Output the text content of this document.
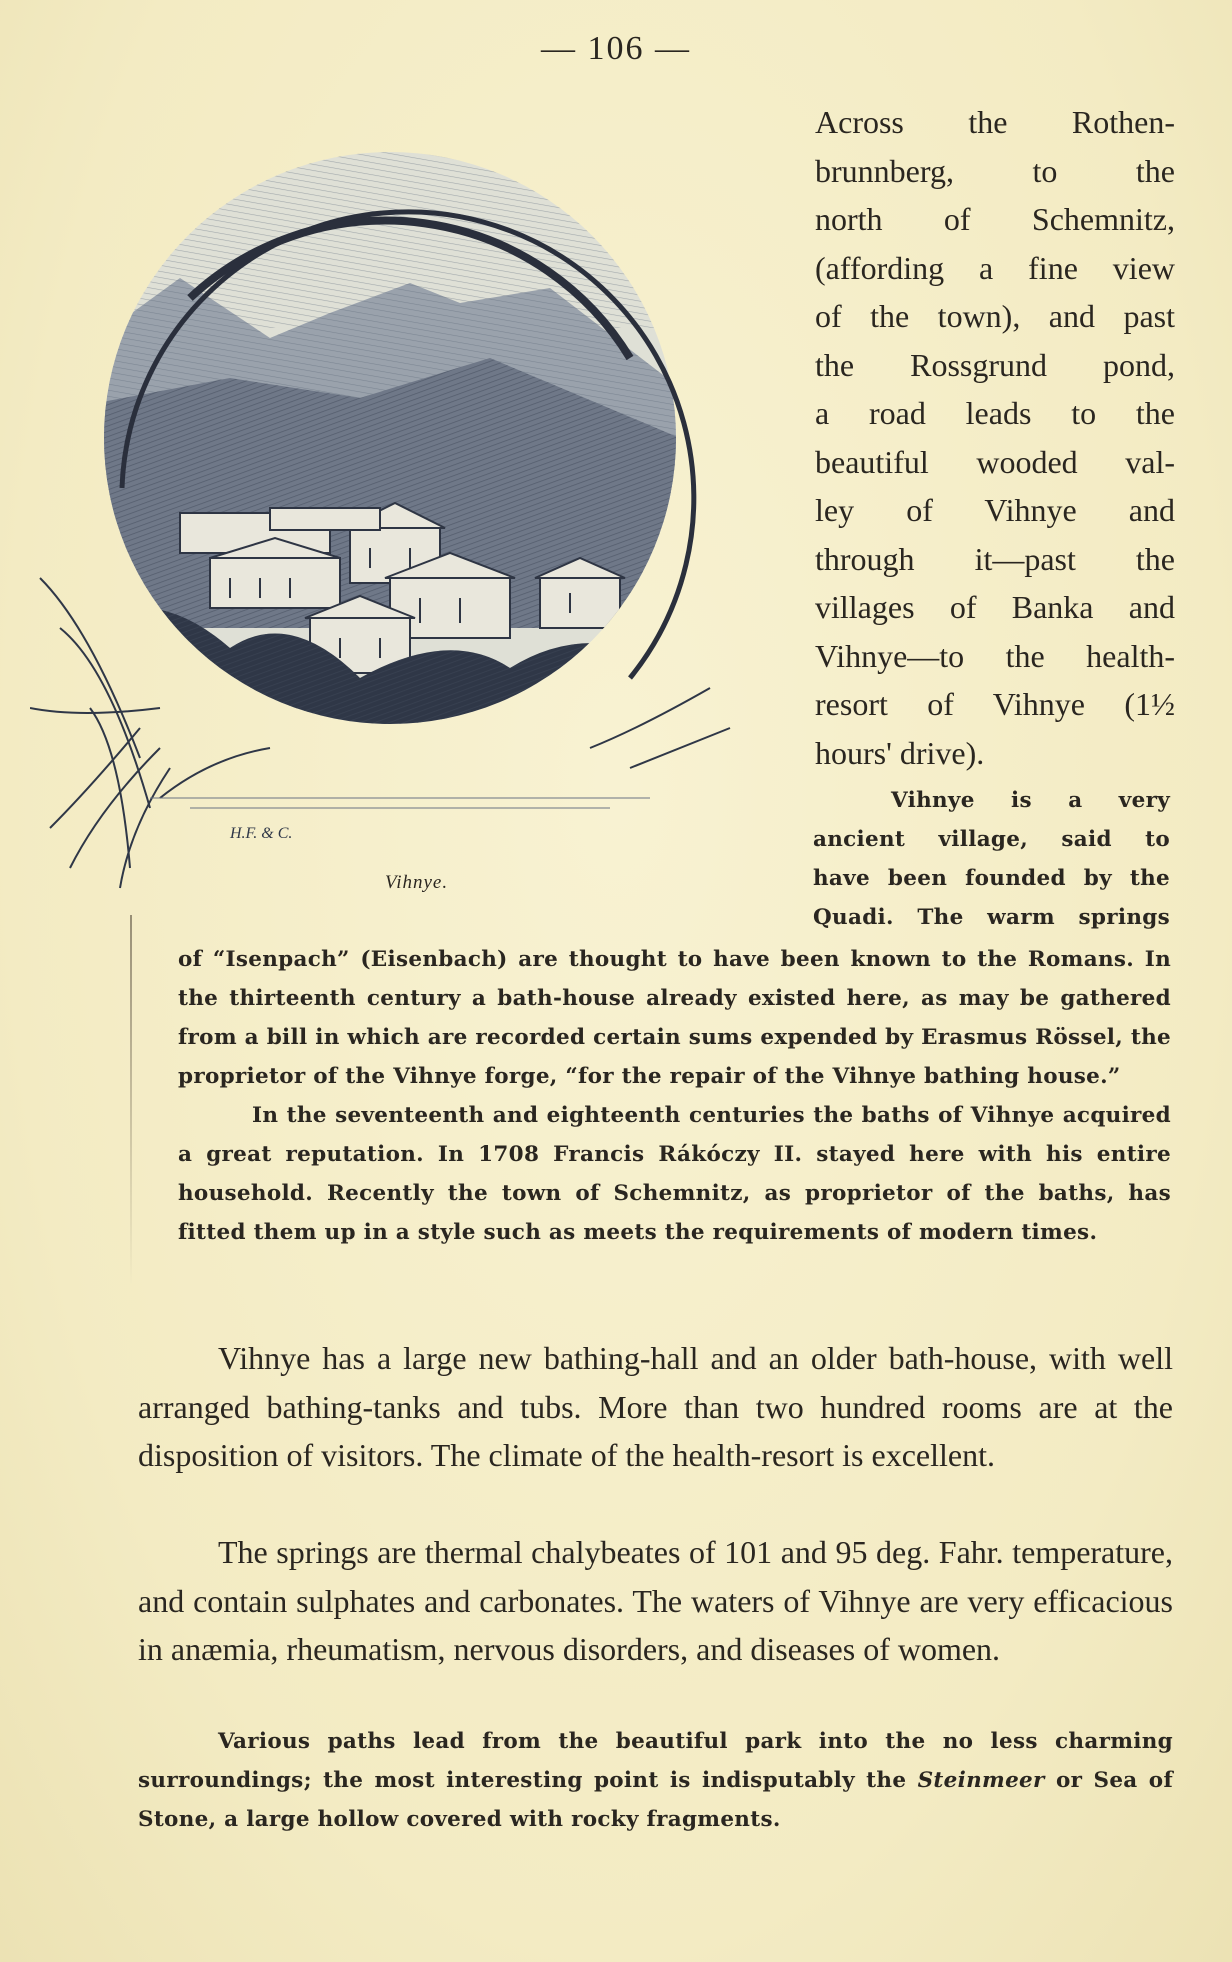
— 106 —
H.F. & C.
Vihnye.
Across the Rothen-
brunnberg, to the
north of Schemnitz,
(affording a fine view
of the town), and past
the Rossgrund pond,
a road leads to the
beautiful wooded val-
ley of Vihnye and
through it—past the
villages of Banka and
Vihnye—to the health-
resort of Vihnye (1½
hours' drive).
Vihnye is a very
ancient village, said to
have been founded by the
Quadi. The warm springs

of “Isenpach” (Eisenbach) are thought to have been known to the Romans. In the thirteenth century a bath-house already existed here, as may be gathered from a bill in which are recorded certain sums expended by Erasmus Rössel, the proprietor of the Vihnye forge, “for the repair of the Vihnye bathing house.”

In the seventeenth and eighteenth centuries the baths of Vihnye acquired a great reputation. In 1708 Francis Rákóczy II. stayed here with his entire household. Recently the town of Schemnitz, as proprietor of the baths, has fitted them up in a style such as meets the requirements of modern times.

Vihnye has a large new bathing-hall and an older bath-house, with well arranged bathing-tanks and tubs. More than two hundred rooms are at the disposition of visitors. The climate of the health-resort is excellent.

The springs are thermal chalybeates of 101 and 95 deg. Fahr. temperature, and contain sulphates and carbonates. The waters of Vihnye are very efficacious in anæmia, rheumatism, nervous disorders, and diseases of women.

Various paths lead from the beautiful park into the no less charming surroundings; the most interesting point is indisputably the Steinmeer or Sea of Stone, a large hollow covered with rocky fragments.
